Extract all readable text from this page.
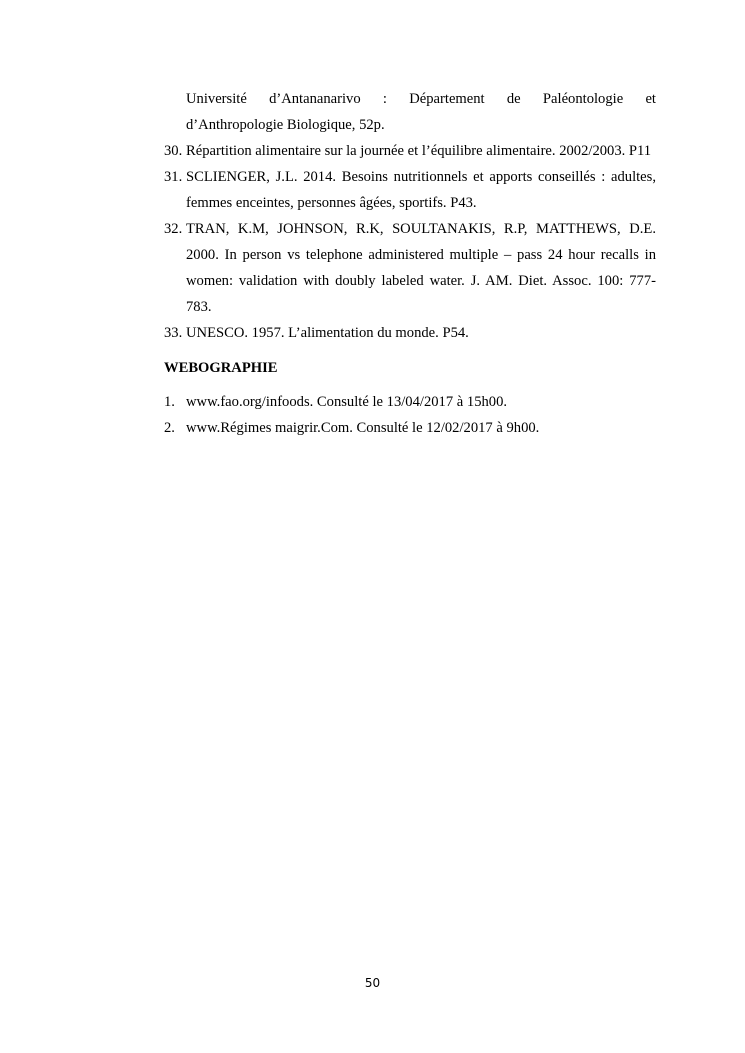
Université d’Antananarivo : Département de Paléontologie et
d’Anthropologie Biologique, 52p.
30. Répartition alimentaire sur la journée et l’équilibre alimentaire. 2002/2003. P11
31. SCLIENGER, J.L. 2014. Besoins nutritionnels et apports conseillés : adultes, femmes enceintes, personnes âgées, sportifs. P43.
32. TRAN, K.M, JOHNSON, R.K, SOULTANAKIS, R.P, MATTHEWS, D.E. 2000. In person vs telephone administered multiple – pass 24 hour recalls in women: validation with doubly labeled water. J. AM. Diet. Assoc. 100: 777-783.
33. UNESCO. 1957. L’alimentation du monde. P54.
WEBOGRAPHIE
1. www.fao.org/infoods. Consulté le 13/04/2017 à 15h00.
2. www.Régimes maigrir.Com. Consulté le 12/02/2017 à 9h00.
50
